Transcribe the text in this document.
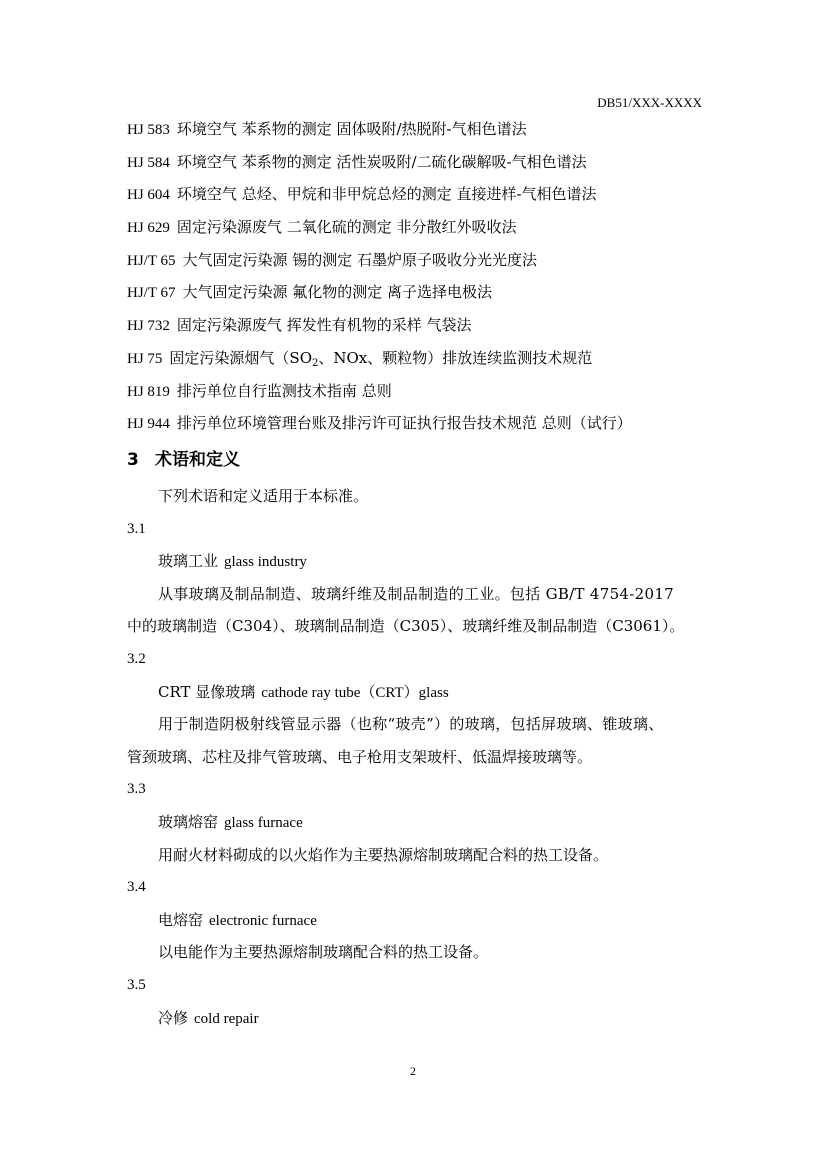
DB51/XXX-XXXX
HJ 583 环境空气 苯系物的测定 固体吸附/热脱附-气相色谱法
HJ 584 环境空气 苯系物的测定 活性炭吸附/二硫化碳解吸-气相色谱法
HJ 604 环境空气 总烃、甲烷和非甲烷总烃的测定 直接进样-气相色谱法
HJ 629 固定污染源废气 二氧化硫的测定 非分散红外吸收法
HJ/T 65 大气固定污染源 锡的测定 石墨炉原子吸收分光光度法
HJ/T 67 大气固定污染源 氟化物的测定 离子选择电极法
HJ 732 固定污染源废气 挥发性有机物的采样 气袋法
HJ 75 固定污染源烟气（$SO_2$、NOx、颗粒物）排放连续监测技术规范
HJ 819 排污单位自行监测技术指南 总则
HJ 944 排污单位环境管理台账及排污许可证执行报告技术规范 总则（试行）
3 术语和定义
下列术语和定义适用于本标准。
3.1
玻璃工业 glass industry
从事玻璃及制品制造、玻璃纤维及制品制造的工业。包括 GB/T 4754-2017
中的玻璃制造（C304）、玻璃制品制造（C305）、玻璃纤维及制品制造（C3061）。
3.2
CRT 显像玻璃 cathode ray tube（CRT）glass
用于制造阴极射线管显示器（也称“玻壳”）的玻璃，包括屏玻璃、锥玻璃、
管颈玻璃、芯柱及排气管玻璃、电子枪用支架玻杆、低温焊接玻璃等。
3.3
玻璃熔窑 glass furnace
用耐火材料砌成的以火焰作为主要热源熔制玻璃配合料的热工设备。
3.4
电熔窑 electronic furnace
以电能作为主要热源熔制玻璃配合料的热工设备。
3.5
冷修 cold repair
2
